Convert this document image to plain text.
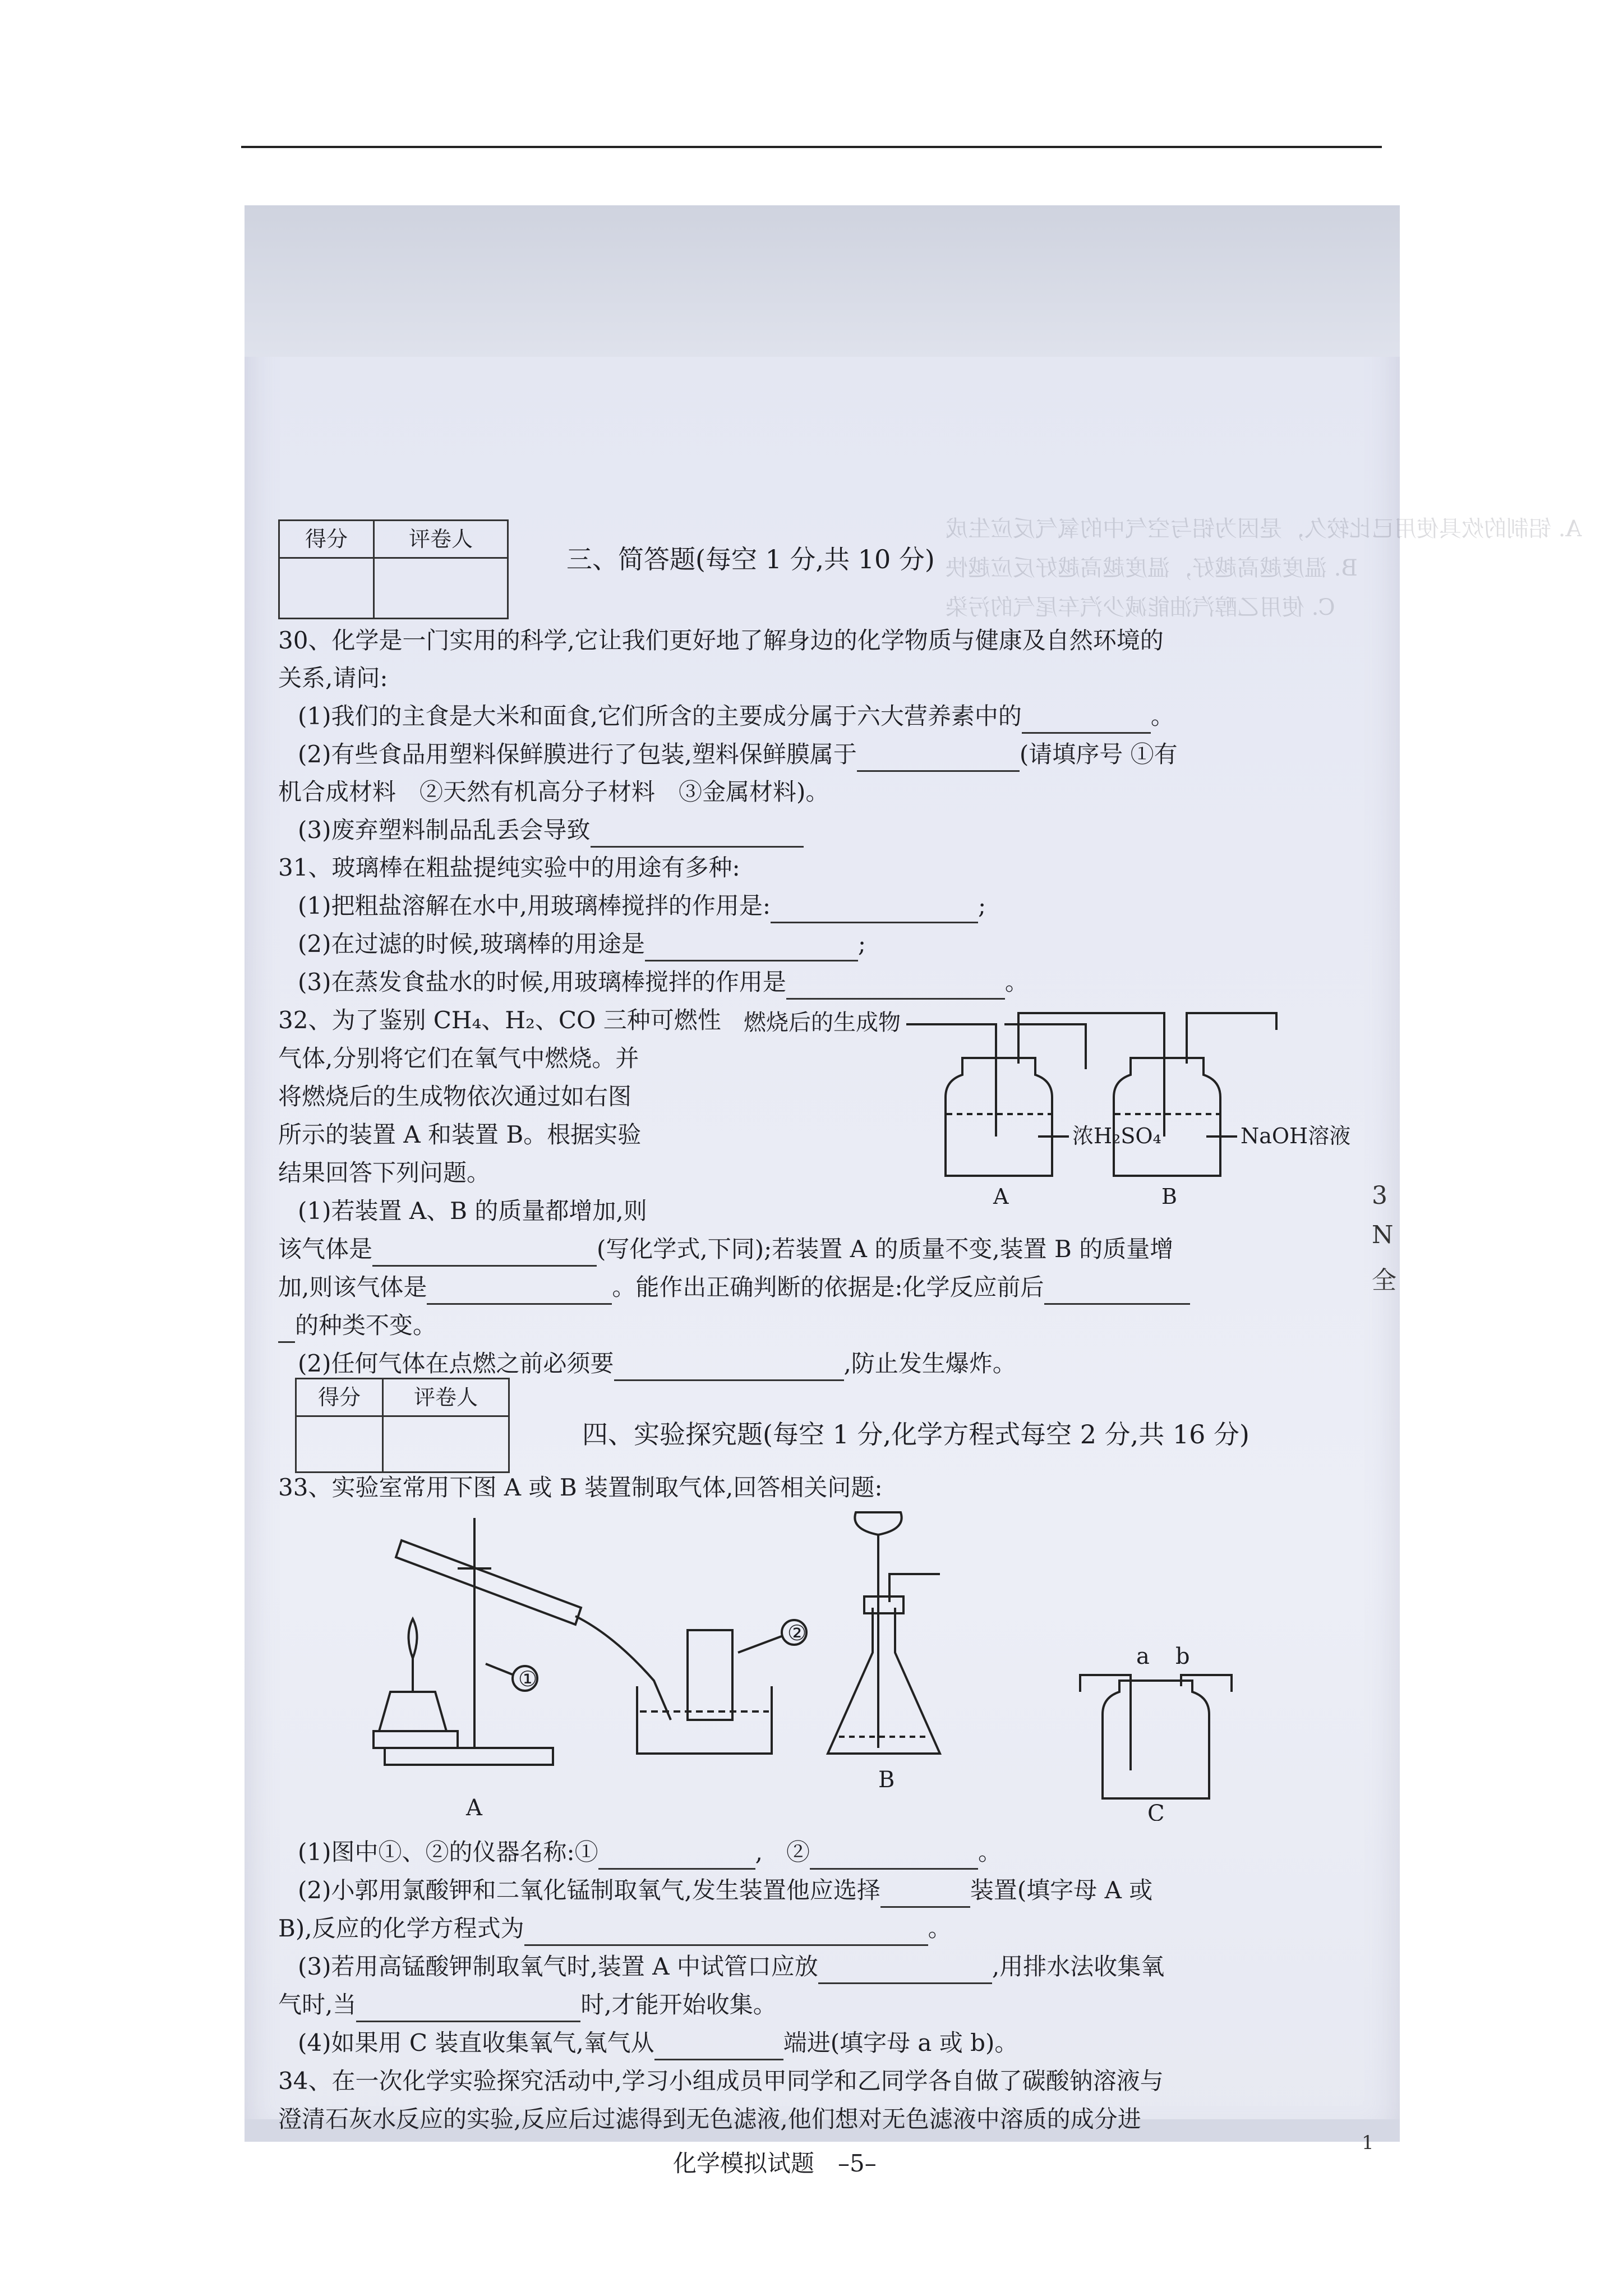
A. 铝制的炊具使用已比较久，是因为铝与空气中的氧气反应生成
B. 温度越高越好，温度越高越好反应越快
C. 使用乙醇汽油能减少汽车尾气的污染
3
N
全
得分	评卷人

三、简答题(每空 1 分,共 10 分)
30、化学是一门实用的科学,它让我们更好地了解身边的化学物质与健康及自然环境的
关系,请问:
(1)我们的主食是大米和面食,它们所含的主要成分属于六大营养素中的	。
(2)有些食品用塑料保鲜膜进行了包装,塑料保鲜膜属于	(请填序号 ①有
机合成材料　②天然有机高分子材料　③金属材料)。
(3)废弃塑料制品乱丢会导致
31、玻璃棒在粗盐提纯实验中的用途有多种:
(1)把粗盐溶解在水中,用玻璃棒搅拌的作用是:	;
(2)在过滤的时候,玻璃棒的用途是	;
(3)在蒸发食盐水的时候,用玻璃棒搅拌的作用是	。
32、为了鉴别 CH₄、H₂、CO 三种可燃性
气体,分别将它们在氧气中燃烧。并
将燃烧后的生成物依次通过如右图
所示的装置 A 和装置 B。根据实验
结果回答下列问题。
燃烧后的生成物
浓H₂SO₄	NaOH溶液
A	B
(1)若装置 A、B 的质量都增加,则
该气体是	(写化学式,下同);若装置 A 的质量不变,装置 B 的质量增
加,则该气体是	。能作出正确判断的依据是:化学反应前后
的种类不变。
(2)任何气体在点燃之前必须要	,防止发生爆炸。
得分	评卷人

四、实验探究题(每空 1 分,化学方程式每空 2 分,共 16 分)
33、实验室常用下图 A 或 B 装置制取气体,回答相关问题:
①
②
a b
A
B
C
(1)图中①、②的仪器名称:①	,　②	。
(2)小郭用氯酸钾和二氧化锰制取氧气,发生装置他应选择	装置(填字母 A 或
B),反应的化学方程式为	。
(3)若用高锰酸钾制取氧气时,装置 A 中试管口应放	,用排水法收集氧
气时,当	时,才能开始收集。
(4)如果用 C 装直收集氧气,氧气从	端进(填字母 a 或 b)。
34、在一次化学实验探究活动中,学习小组成员甲同学和乙同学各自做了碳酸钠溶液与
澄清石灰水反应的实验,反应后过滤得到无色滤液,他们想对无色滤液中溶质的成分进
化学模拟试题　–5–
1
